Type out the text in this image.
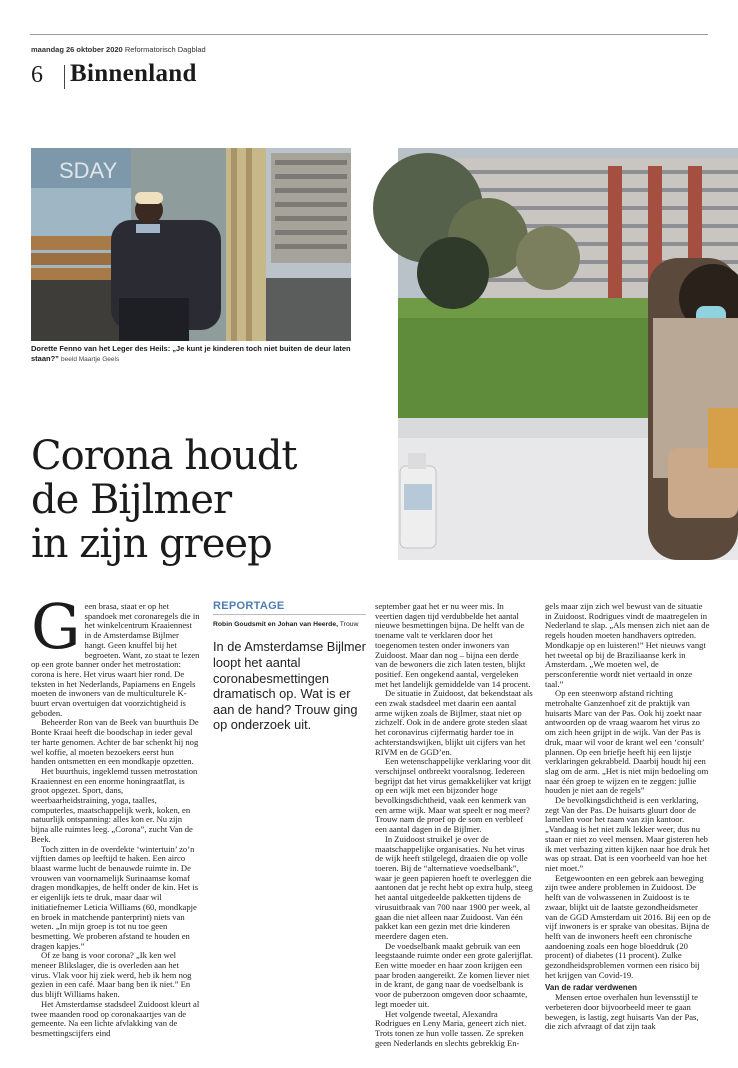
maandag 26 oktober 2020 Reformatorisch Dagblad
6 Binnenland
SDAY
Dorette Fenno van het Leger des Heils: „Je kunt je kinderen toch niet buiten de deur laten staan?” beeld Maartje Geels
Corona houdt
de Bijlmer
in zijn greep
G een brasa, staat er op het spandoek met coronaregels die in het winkelcentrum Kraaiennest in de Amsterdamse Bijlmer hangt. Geen knuffel bij het begroeten. Want, zo staat te lezen op een grote banner onder het metrostation: corona is here. Het virus waart hier rond. De teksten in het Nederlands, Papiamens en Engels moeten de inwoners van de multiculturele K-buurt ervan overtuigen dat voorzichtigheid is geboden.

Beheerder Ron van de Beek van buurthuis De Bonte Kraai heeft die boodschap in ieder geval ter harte genomen. Achter de bar schenkt hij nog wel koffie, al moeten bezoekers eerst hun handen ontsmetten en een mondkapje opzetten.

Het buurthuis, ingeklemd tussen metrostation Kraaiennest en een enorme honingraatflat, is groot opgezet. Sport, dans, weerbaarheidstraining, yoga, taalles, computerles, maatschappelijk werk, koken, en natuurlijk ontspanning: alles kon er. Nu zijn bijna alle ruimtes leeg. „Corona”, zucht Van de Beek.

Toch zitten in de overdekte ‘wintertuin’ zo’n vijftien dames op leeftijd te haken. Een airco blaast warme lucht de benauwde ruimte in. De vrouwen van voornamelijk Surinaamse komaf dragen mondkapjes, de helft onder de kin. Het is er eigenlijk iets te druk, maar daar wil initiatiefnemer Leticia Williams (60, mondkapje en broek in matchende panterprint) niets van weten. „In mijn groep is tot nu toe geen besmetting. We proberen afstand te houden en dragen kapjes.”

Of ze bang is voor corona? „Ik ken wel meneer Blikslager, die is overleden aan het virus. Vlak voor hij ziek werd, heb ik hem nog gezien in een café. Maar bang ben ik niet.” En dus blijft Williams haken.

Het Amsterdamse stadsdeel Zuidoost kleurt al twee maanden rood op coronakaartjes van de gemeente. Na een lichte afvlakking van de besmettingscijfers eind

REPORTAGE
Robin Goudsmit en Johan van Heerde, Trouw
In de Amsterdamse Bijlmer loopt het aantal coronabesmettingen dramatisch op. Wat is er aan de hand? Trouw ging op onderzoek uit.

september gaat het er nu weer mis. In veertien dagen tijd verdubbelde het aantal nieuwe besmettingen bijna. De helft van de toename valt te verklaren door het toegenomen testen onder inwoners van Zuidoost. Maar dan nog – bijna een derde van de bewoners die zich laten testen, blijkt positief. Een ongekend aantal, vergeleken met het landelijk gemiddelde van 14 procent.

De situatie in Zuidoost, dat bekendstaat als een zwak stadsdeel met daarin een aantal arme wijken zoals de Bijlmer, staat niet op zichzelf. Ook in de andere grote steden slaat het coronavirus cijfermatig harder toe in achterstandswijken, blijkt uit cijfers van het RIVM en de GGD’en.

Een wetenschappelijke verklaring voor dit verschijnsel ontbreekt vooralsnog. Iedereen begrijpt dat het virus gemakkelijker vat krijgt op een wijk met een bijzonder hoge bevolkingsdichtheid, vaak een kenmerk van een arme wijk. Maar wat speelt er nog meer? Trouw nam de proef op de som en verbleef een aantal dagen in de Bijlmer.

In Zuidoost struikel je over de maatschappelijke organisaties. Nu het virus de wijk heeft stilgelegd, draaien die op volle toeren. Bij de “alternatieve voedselbank”, waar je geen papieren hoeft te overleggen die aantonen dat je recht hebt op extra hulp, steeg het aantal uitgedeelde pakketten tijdens de virusuitbraak van 700 naar 1900 per week, al gaan die niet alleen naar Zuidoost. Van één pakket kan een gezin met drie kinderen meerdere dagen eten.

De voedselbank maakt gebruik van een leegstaande ruimte onder een grote galerijflat. Een witte moeder en haar zoon krijgen een paar broden aangereikt. Ze komen liever niet in de krant, de gang naar de voedselbank is voor de puberzoon omgeven door schaamte, legt moeder uit.

Het volgende tweetal, Alexandra Rodrigues en Leny Maria, geneert zich niet. Trots tonen ze hun volle tassen. Ze spreken geen Nederlands en slechts gebrekkig En-

gels maar zijn zich wel bewust van de situatie in Zuidoost. Rodrigues vindt de maatregelen in Nederland te slap. „Als mensen zich niet aan de regels houden moeten handhavers optreden. Mondkapje op en luisteren!” Het nieuws vangt het tweetal op bij de Braziliaanse kerk in Amsterdam. „We moeten wel, de persconferentie wordt niet vertaald in onze taal.”

Op een steenworp afstand richting metrohalte Ganzenhoef zit de praktijk van huisarts Marc van der Pas. Ook hij zoekt naar antwoorden op de vraag waarom het virus zo om zich heen grijpt in de wijk. Van der Pas is druk, maar wil voor de krant wel een ‘consult’ plannen. Op een briefje heeft hij een lijstje verklaringen gekrabbeld. Daarbij houdt hij een slag om de arm. „Het is niet mijn bedoeling om naar één groep te wijzen en te zeggen: jullie houden je niet aan de regels”

De bevolkingsdichtheid is een verklaring, zegt Van der Pas. De huisarts gluurt door de lamellen voor het raam van zijn kantoor. „Vandaag is het niet zulk lekker weer, dus nu staan er niet zo veel mensen. Maar gisteren heb ik met verbazing zitten kijken naar hoe druk het was op straat. Dat is een voorbeeld van hoe het niet moet.”

Eetgewoonten en een gebrek aan beweging zijn twee andere problemen in Zuidoost. De helft van de volwassenen in Zuidoost is te zwaar, blijkt uit de laatste gezondheidsmeter van de GGD Amsterdam uit 2016. Bij een op de vijf inwoners is er sprake van obesitas. Bijna de helft van de inwoners heeft een chronische aandoening zoals een hoge bloeddruk (20 procent) of diabetes (11 procent). Zulke gezondheidsproblemen vormen een risico bij het krijgen van Covid-19.

Van de radar verdwenen

Mensen ertoe overhalen hun levensstijl te verbeteren door bijvoorbeeld meer te gaan bewegen, is lastig, zegt huisarts Van der Pas, die zich afvraagt of dat zijn taak
